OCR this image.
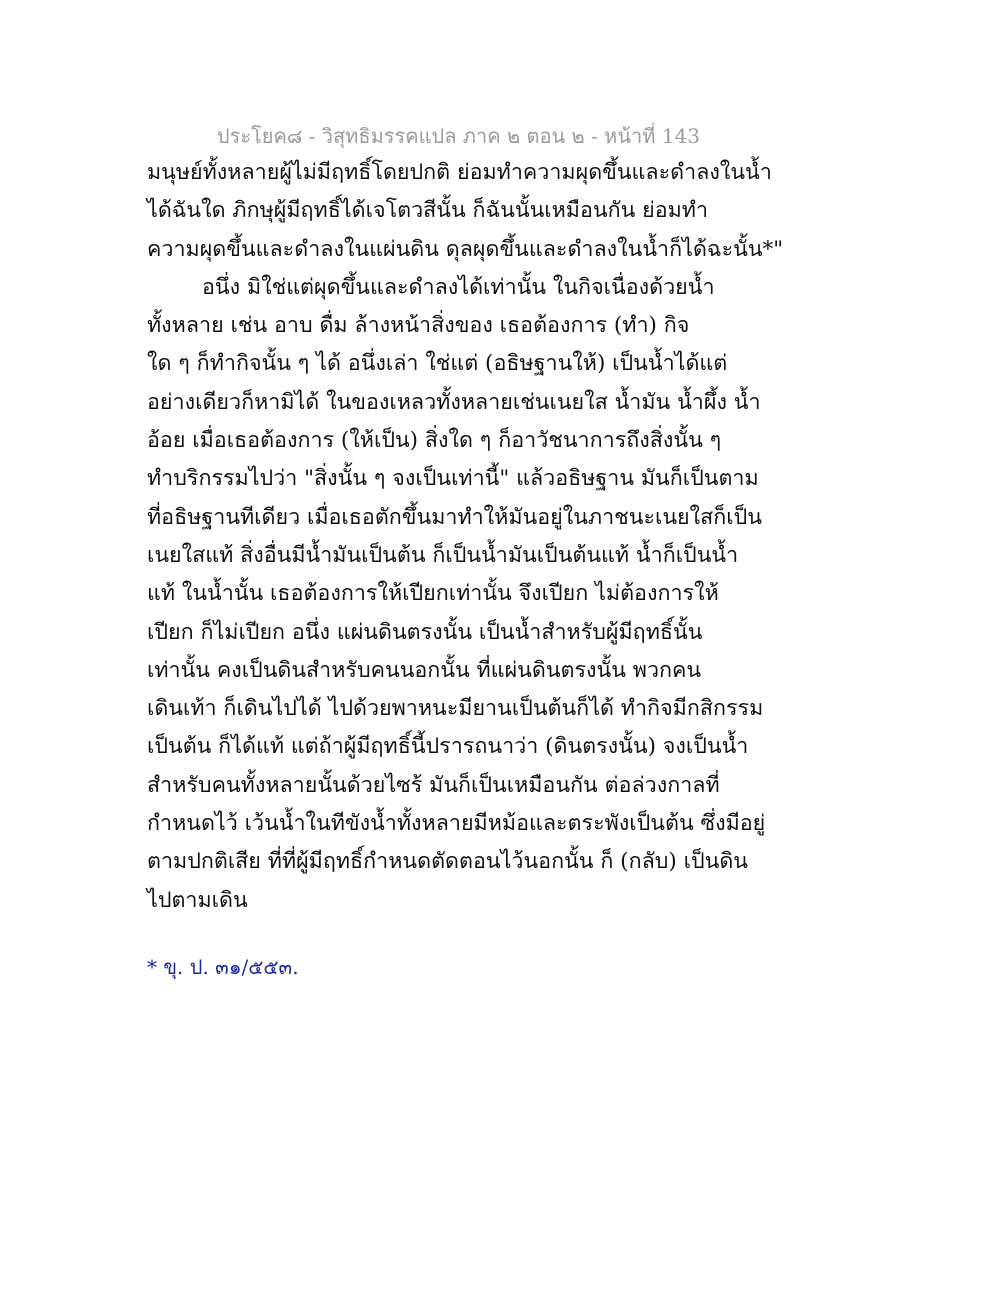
ประโยค๘ - วิสุทธิมรรคแปล ภาค ๒ ตอน ๒ - หน้าที่ 143
มนุษย์ทั้งหลายผู้ไม่มีฤทธิ์โดยปกติ ย่อมทำความผุดขึ้นและดำลงในน้ำ
ได้ฉันใด ภิกษุผู้มีฤทธิ์ได้เจโตวสีนั้น ก็ฉันนั้นเหมือนกัน ย่อมทำ
ความผุดขึ้นและดำลงในแผ่นดิน ดุลผุดขึ้นและดำลงในน้ำก็ได้ฉะนั้น*"
อนึ่ง มิใช่แต่ผุดขึ้นและดำลงได้เท่านั้น ในกิจเนื่องด้วยน้ำ
ทั้งหลาย เช่น อาบ ดื่ม ล้างหน้าสิ่งของ เธอต้องการ (ทำ) กิจ
ใด ๆ ก็ทำกิจนั้น ๆ ได้ อนึ่งเล่า ใช่แต่ (อธิษฐานให้) เป็นน้ำได้แต่
อย่างเดียวก็หามิได้ ในของเหลวทั้งหลายเช่นเนยใส น้ำมัน น้ำผึ้ง น้ำ
อ้อย เมื่อเธอต้องการ (ให้เป็น) สิ่งใด ๆ ก็อาวัชนาการถึงสิ่งนั้น ๆ
ทำบริกรรมไปว่า "สิ่งนั้น ๆ จงเป็นเท่านี้" แล้วอธิษฐาน มันก็เป็นตาม
ที่อธิษฐานทีเดียว เมื่อเธอตักขึ้นมาทำให้มันอยู่ในภาชนะเนยใสก็เป็น
เนยใสแท้ สิ่งอื่นมีน้ำมันเป็นต้น ก็เป็นน้ำมันเป็นต้นแท้ น้ำก็เป็นน้ำ
แท้ ในน้ำนั้น เธอต้องการให้เปียกเท่านั้น จึงเปียก ไม่ต้องการให้
เปียก ก็ไม่เปียก อนึ่ง แผ่นดินตรงนั้น เป็นน้ำสำหรับผู้มีฤทธิ์นั้น
เท่านั้น คงเป็นดินสำหรับคนนอกนั้น ที่แผ่นดินตรงนั้น พวกคน
เดินเท้า ก็เดินไปได้ ไปด้วยพาหนะมียานเป็นต้นก็ได้ ทำกิจมีกสิกรรม
เป็นต้น ก็ได้แท้ แต่ถ้าผู้มีฤทธิ์นี้ปรารถนาว่า (ดินตรงนั้น) จงเป็นน้ำ
สำหรับคนทั้งหลายนั้นด้วยไซร้ มันก็เป็นเหมือนกัน ต่อล่วงกาลที่
กำหนดไว้ เว้นน้ำในทีขังน้ำทั้งหลายมีหม้อและตระพังเป็นต้น ซึ่งมีอยู่
ตามปกติเสีย ที่ที่ผู้มีฤทธิ์กำหนดตัดตอนไว้นอกนั้น ก็ (กลับ) เป็นดิน
ไปตามเดิน
* ขุ. ป. ๓๑/๕๕๓.
